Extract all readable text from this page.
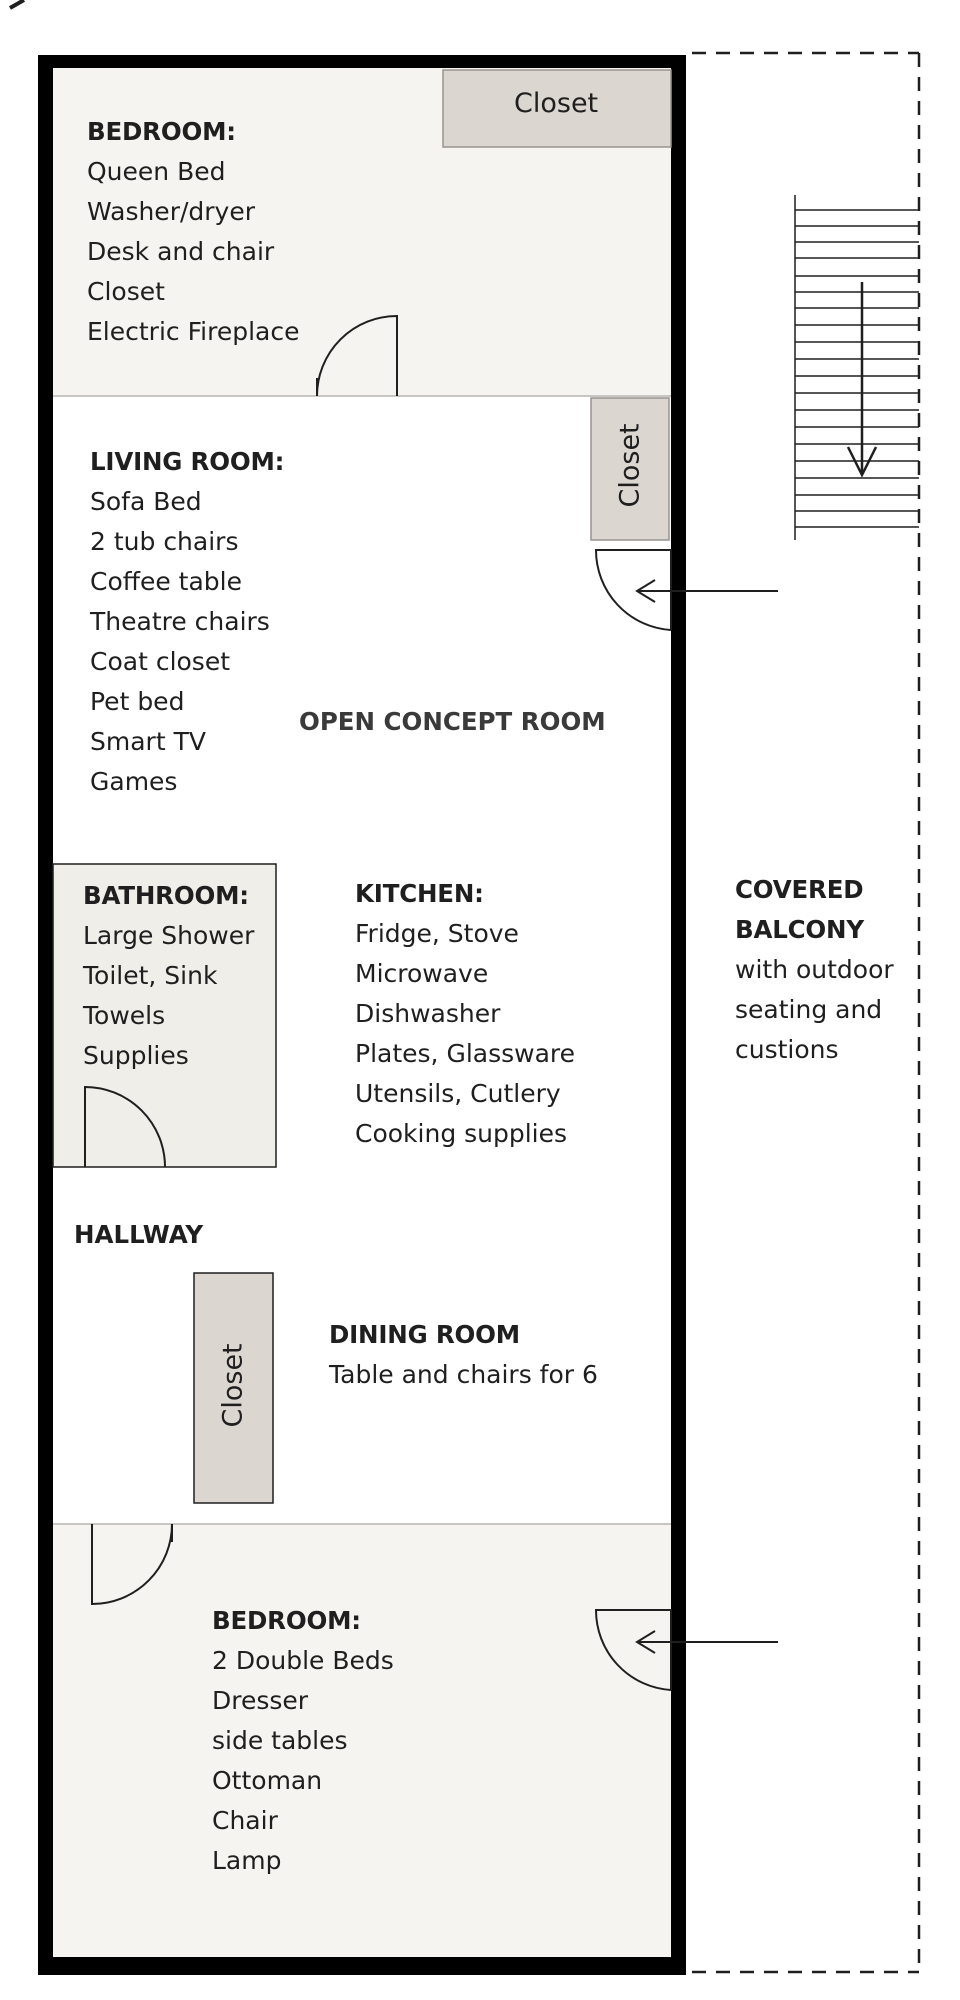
Closet
Closet
Closet
BEDROOM:
Queen Bed
Washer/dryer
Desk and chair
Closet
Electric Fireplace
LIVING ROOM:
Sofa Bed
2 tub chairs
Coffee table
Theatre chairs
Coat closet
Pet bed
Smart TV
Games
OPEN CONCEPT ROOM
BATHROOM:
Large Shower
Toilet, Sink
Towels
Supplies
KITCHEN:
Fridge, Stove
Microwave
Dishwasher
Plates, Glassware
Utensils, Cutlery
Cooking supplies
COVERED
BALCONY
with outdoor
seating and
custions
HALLWAY
DINING ROOM
Table and chairs for 6
BEDROOM:
2 Double Beds
Dresser
side tables
Ottoman
Chair
Lamp
